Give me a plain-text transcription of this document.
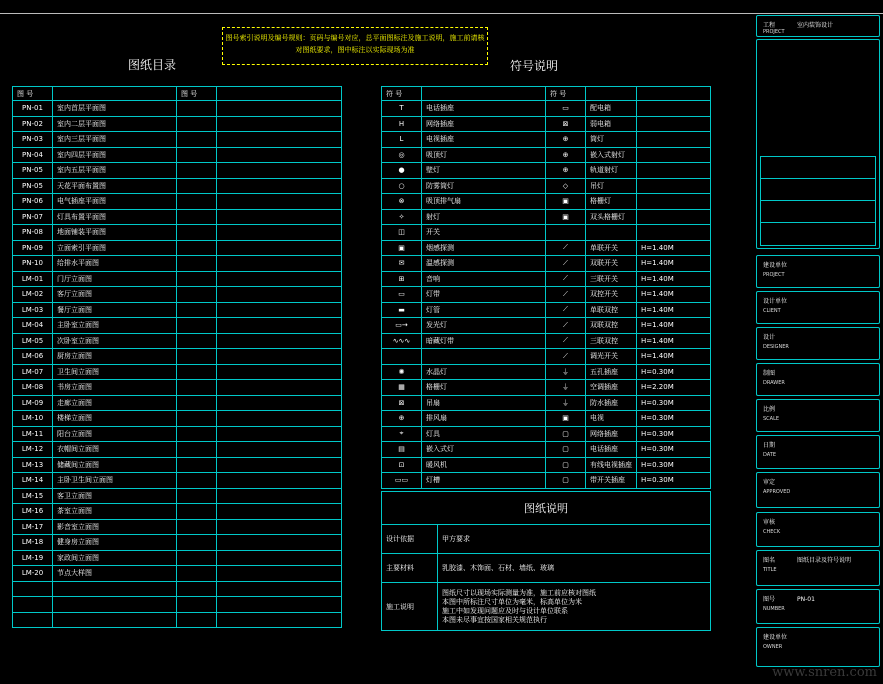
图号索引说明及编号规则：页码与编号对应，总平面图标注及施工说明，施工前请核对图纸要求，图中标注以实际现场为准
图纸目录	符号说明
图 号		图 号	
PN-01	室内首层平面图		
PN-02	室内二层平面图		
PN-03	室内三层平面图		
PN-04	室内四层平面图		
PN-05	室内五层平面图		
PN-05	天花平面布置图		
PN-06	电气插座平面图		
PN-07	灯具布置平面图		
PN-08	地面铺装平面图		
PN-09	立面索引平面图		
PN-10	给排水平面图		
LM-01	门厅立面图		
LM-02	客厅立面图		
LM-03	餐厅立面图		
LM-04	主卧室立面图		
LM-05	次卧室立面图		
LM-06	厨房立面图		
LM-07	卫生间立面图		
LM-08	书房立面图		
LM-09	走廊立面图		
LM-10	楼梯立面图		
LM-11	阳台立面图		
LM-12	衣帽间立面图		
LM-13	储藏间立面图		
LM-14	主卧卫生间立面图		
LM-15	客卫立面图		
LM-16	茶室立面图		
LM-17	影音室立面图		
LM-18	健身房立面图		
LM-19	家政间立面图		
LM-20	节点大样图		

符 号		符 号		
T	电话插座	▭	配电箱	
H	网络插座	⊠	弱电箱	
L	电视插座	⊕	筒灯	
◎	吸顶灯	⊕	嵌入式射灯	
●	壁灯	⊕	轨道射灯	
○	防雾筒灯	◇	吊灯	
⊗	吸顶排气扇	▣	格栅灯	
✧	射灯	▣	双头格栅灯	
◫	开关			
▣	烟感探测	⟋	单联开关	H=1.40M
✉	温感探测	⟋	双联开关	H=1.40M
⊞	音响	⟋	三联开关	H=1.40M
▭	灯带	⟋	双控开关	H=1.40M
▬	灯管	⟋	单联双控	H=1.40M
▭→	发光灯	⟋	双联双控	H=1.40M
∿∿∿	暗藏灯带	⟋	三联双控	H=1.40M
		⟋	调光开关	H=1.40M
✺	水晶灯	⏚	五孔插座	H=0.30M
▦	格栅灯	⏚	空调插座	H=2.20M
⊠	吊扇	⏚	防水插座	H=0.30M
⊕	排风扇	▣	电视	H=0.30M
⌖	灯具	▢	网络插座	H=0.30M
▤	嵌入式灯	▢	电话插座	H=0.30M
⊡	暖风机	▢	有线电视插座	H=0.30M
▭▭	灯槽	▢	带开关插座	H=0.30M
图纸说明	
设计依据	甲方要求
主要材料	乳胶漆、木饰面、石材、墙纸、玻璃
施工说明	图纸尺寸以现场实际测量为准，施工前应核对图纸
本图中所标注尺寸单位为毫米，标高单位为米
施工中如发现问题应及时与设计单位联系
本图未尽事宜按国家相关规范执行
工程	室内装饰设计
PROJECT
建设单位
PROJECT
设计单位
CLIENT
设计
DESIGNER
制图
DRAWER
比例
SCALE
日期
DATE
审定
APPROVED
审核
CHECK
图名	图纸目录及符号说明
TITLE
图号	PN-01
NUMBER
建设单位
OWNER
www.snren.com
